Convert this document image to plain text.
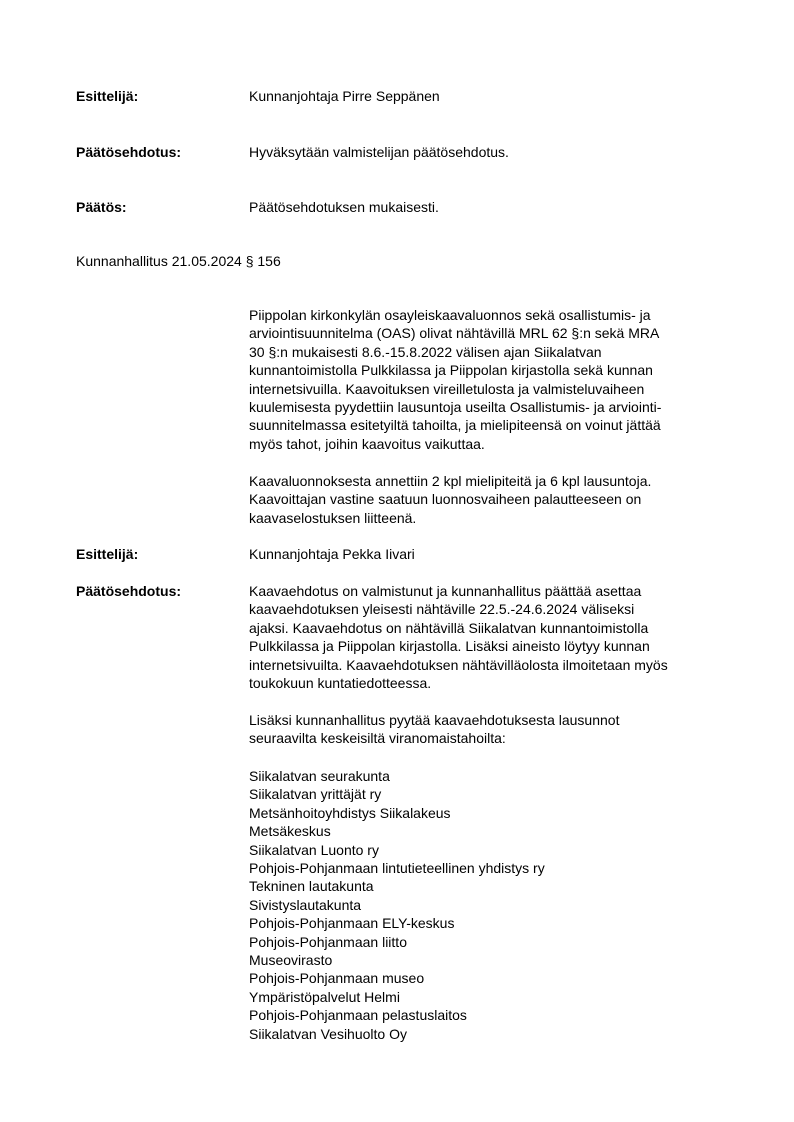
Esittelijä:	Kunnanjohtaja Pirre Seppänen
Päätösehdotus:	Hyväksytään valmistelijan päätösehdotus.
Päätös:	Päätösehdotuksen mukaisesti.
Kunnanhallitus 21.05.2024 § 156
Piippolan kirkonkylän osayleiskaavaluonnos sekä osallistumis- ja
arviointisuunnitelma (OAS) olivat nähtävillä MRL 62 §:n sekä MRA
30 §:n mukaisesti 8.6.-15.8.2022 välisen ajan Siikalatvan
kunnantoimistolla Pulkkilassa ja Piippolan kirjastolla sekä kunnan
internetsivuilla. Kaavoituksen vireilletulosta ja valmisteluvaiheen
kuulemisesta pyydettiin lausuntoja useilta Osallistumis- ja arviointi-
suunnitelmassa esitetyiltä tahoilta, ja mielipiteensä on voinut jättää
myös tahot, joihin kaavoitus vaikuttaa.
Kaavaluonnoksesta annettiin 2 kpl mielipiteitä ja 6 kpl lausuntoja.
Kaavoittajan vastine saatuun luonnosvaiheen palautteeseen on
kaavaselostuksen liitteenä.
Esittelijä:	Kunnanjohtaja Pekka Iivari
Päätösehdotus:	Kaavaehdotus on valmistunut ja kunnanhallitus päättää asettaa
kaavaehdotuksen yleisesti nähtäville 22.5.-24.6.2024 väliseksi
ajaksi. Kaavaehdotus on nähtävillä Siikalatvan kunnantoimistolla
Pulkkilassa ja Piippolan kirjastolla. Lisäksi aineisto löytyy kunnan
internetsivuilta. Kaavaehdotuksen nähtävilläolosta ilmoitetaan myös
toukokuun kuntatiedotteessa.
Lisäksi kunnanhallitus pyytää kaavaehdotuksesta lausunnot
seuraavilta keskeisiltä viranomaistahoilta:
Siikalatvan seurakunta
Siikalatvan yrittäjät ry
Metsänhoitoyhdistys Siikalakeus
Metsäkeskus
Siikalatvan Luonto ry
Pohjois-Pohjanmaan lintutieteellinen yhdistys ry
Tekninen lautakunta
Sivistyslautakunta
Pohjois-Pohjanmaan ELY-keskus
Pohjois-Pohjanmaan liitto
Museovirasto
Pohjois-Pohjanmaan museo
Ympäristöpalvelut Helmi
Pohjois-Pohjanmaan pelastuslaitos
Siikalatvan Vesihuolto Oy
